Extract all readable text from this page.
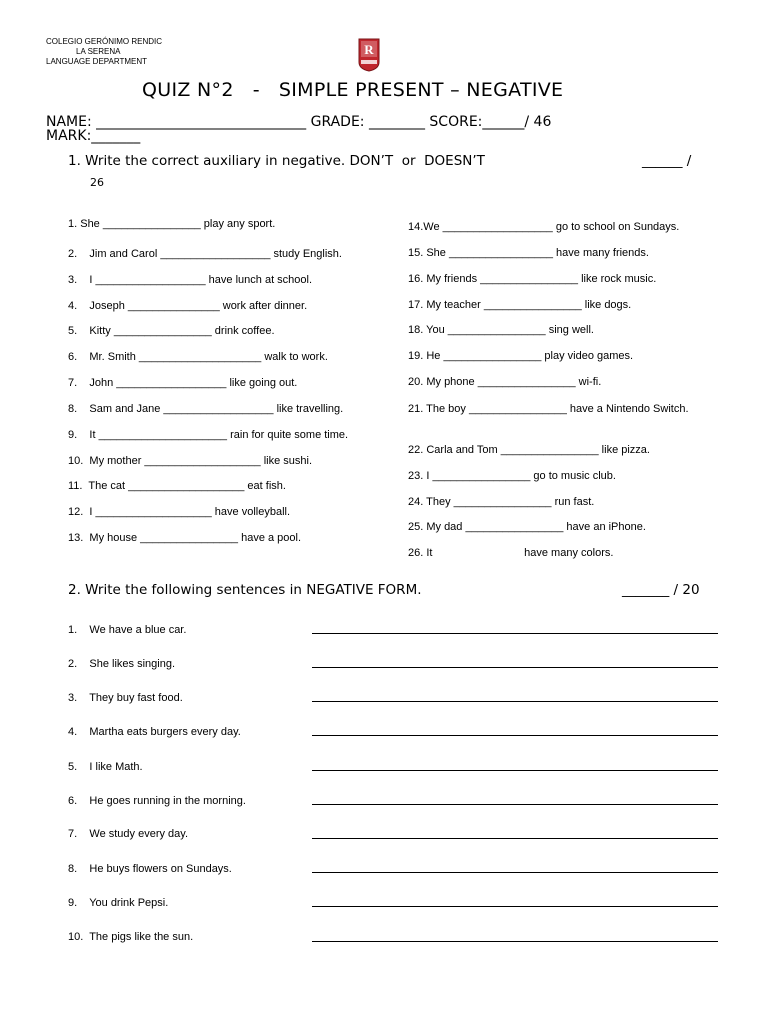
COLEGIO GERÓNIMO RENDIC
LA SERENA
LANGUAGE DEPARTMENT
R
QUIZ N°2   -   SIMPLE PRESENT – NEGATIVE
NAME: ______________________________ GRADE: ________ SCORE:______/ 46
MARK:_______
1. Write the correct auxiliary in negative. DON’T  or  DOESN’T	______ /
26
1. She ________________ play any sport.
2.    Jim and Carol __________________ study English.
3.    I __________________ have lunch at school.
4.    Joseph _______________ work after dinner.
5.    Kitty ________________ drink coffee.
6.    Mr. Smith ____________________ walk to work.
7.    John __________________ like going out.
8.    Sam and Jane __________________ like travelling.
9.    It _____________________ rain for quite some time.
10.  My mother ___________________ like sushi.
11.  The cat ___________________ eat fish.
12.  I ___________________ have volleyball.
13.  My house ________________ have a pool.
14.We __________________ go to school on Sundays.
15. She _________________ have many friends.
16. My friends ________________ like rock music.
17. My teacher ________________ like dogs.
18. You ________________ sing well.
19. He ________________ play video games.
20. My phone ________________ wi-fi.
21. The boy ________________ have a Nintendo Switch.
22. Carla and Tom ________________ like pizza.
23. I ________________ go to music club.
24. They ________________ run fast.
25. My dad ________________ have an iPhone.
26. It                              have many colors.
2. Write the following sentences in NEGATIVE FORM.	_______ / 20
1.    We have a blue car.
2.    She likes singing.
3.    They buy fast food.
4.    Martha eats burgers every day.
5.    I like Math.
6.    He goes running in the morning.
7.    We study every day.
8.    He buys flowers on Sundays.
9.    You drink Pepsi.
10.  The pigs like the sun.
